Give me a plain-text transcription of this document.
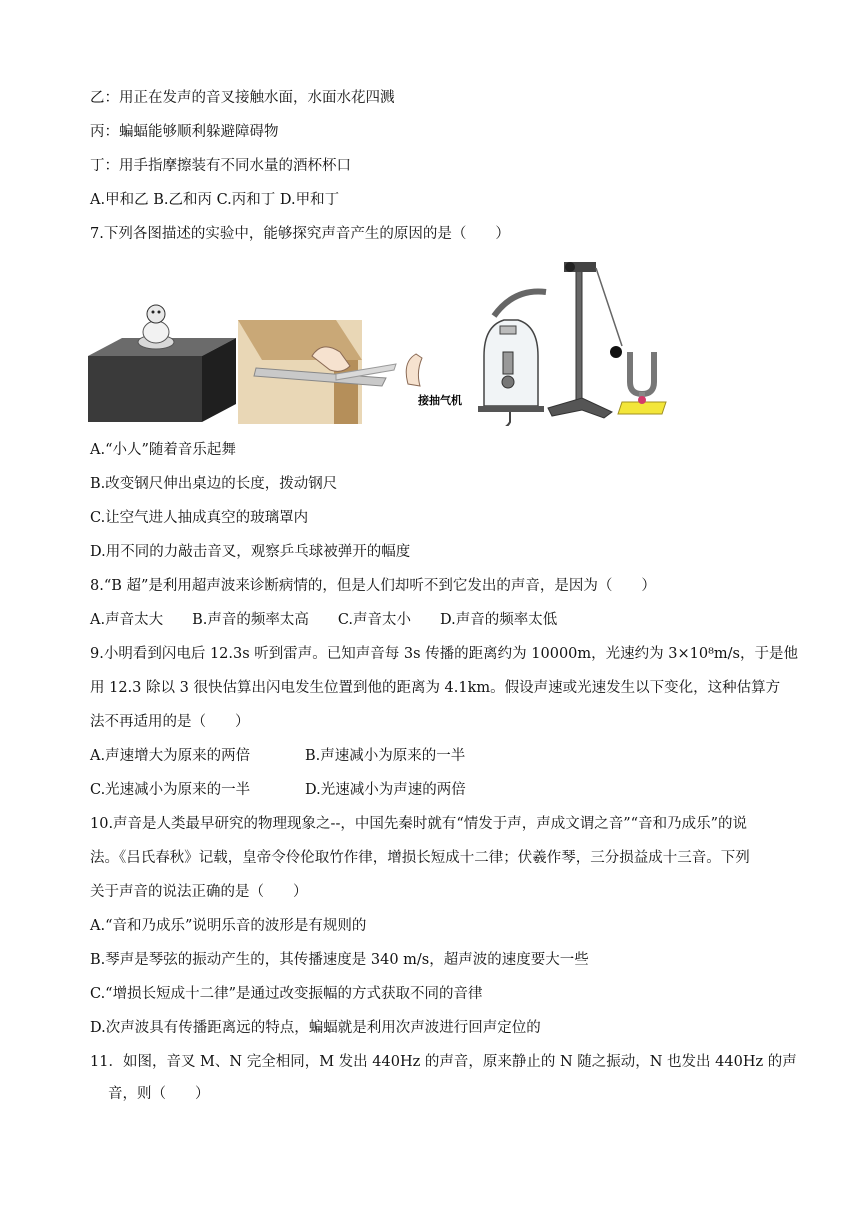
乙：用正在发声的音叉接触水面，水面水花四溅
丙：蝙蝠能够顺利躲避障碍物
丁：用手指摩擦装有不同水量的酒杯杯口
A.甲和乙 B.乙和丙 C.丙和丁 D.甲和丁
7.下列各图描述的实验中，能够探究声音产生的原因的是（　　）
接抽气机
A.“小人”随着音乐起舞
B.改变钢尺伸出桌边的长度，拨动钢尺
C.让空气进人抽成真空的玻璃罩内
D.用不同的力敲击音叉，观察乒乓球被弹开的幅度
8.“B 超”是利用超声波来诊断病情的，但是人们却听不到它发出的声音，是因为（　　）
A.声音太大　　B.声音的频率太高　　C.声音太小　　D.声音的频率太低
9.小明看到闪电后 12.3s 听到雷声。已知声音每 3s 传播的距离约为 10000m，光速约为 3×10⁸m/s，于是他
用 12.3 除以 3 很快估算出闪电发生位置到他的距离为 4.1km。假设声速或光速发生以下变化，这种估算方
法不再适用的是（　　）
A.声速增大为原来的两倍	B.声速减小为原来的一半
C.光速减小为原来的一半	D.光速减小为声速的两倍
10.声音是人类最早研究的物理现象之--，中国先秦时就有“情发于声，声成文谓之音”“音和乃成乐”的说
法。《吕氏春秋》记载，皇帝令伶伦取竹作律，增损长短成十二律；伏羲作琴，三分损益成十三音。下列
关于声音的说法正确的是（　　）
A.“音和乃成乐”说明乐音的波形是有规则的
B.琴声是琴弦的振动产生的，其传播速度是 340 m/s，超声波的速度要大一些
C.“增损长短成十二律”是通过改变振幅的方式获取不同的音律
D.次声波具有传播距离远的特点，蝙蝠就是利用次声波进行回声定位的
11．如图，音叉 M、N 完全相同，M 发出 440Hz 的声音，原来静止的 N 随之振动，N 也发出 440Hz 的声
音，则（　　）
